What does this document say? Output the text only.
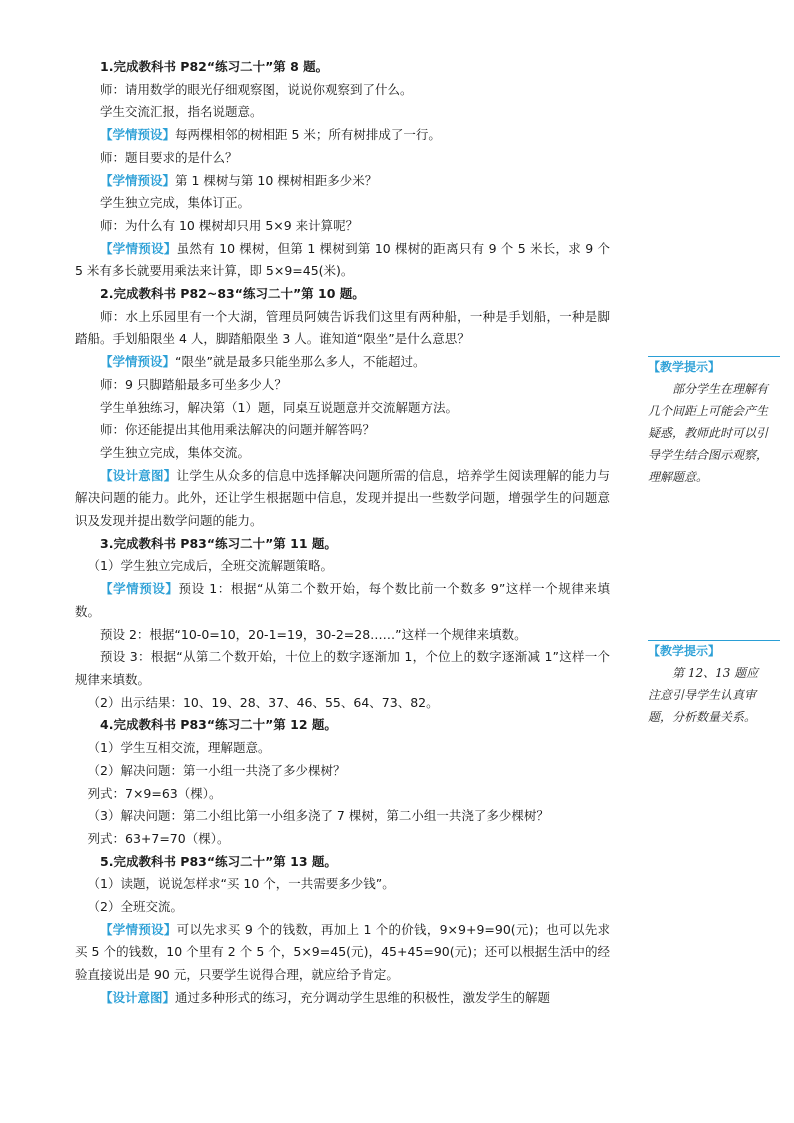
1.完成教科书 P82“练习二十”第 8 题。

师：请用数学的眼光仔细观察图，说说你观察到了什么。

学生交流汇报，指名说题意。

【学情预设】每两棵相邻的树相距 5 米；所有树排成了一行。

师：题目要求的是什么？

【学情预设】第 1 棵树与第 10 棵树相距多少米？

学生独立完成，集体订正。

师：为什么有 10 棵树却只用 5×9 来计算呢？

【学情预设】虽然有 10 棵树，但第 1 棵树到第 10 棵树的距离只有 9 个 5 米长，求 9 个 5 米有多长就要用乘法来计算，即 5×9=45(米)。

2.完成教科书 P82~83“练习二十”第 10 题。

师：水上乐园里有一个大湖，管理员阿姨告诉我们这里有两种船，一种是手划船，一种是脚踏船。手划船限坐 4 人，脚踏船限坐 3 人。谁知道“限坐”是什么意思？

【学情预设】“限坐”就是最多只能坐那么多人，不能超过。

师：9 只脚踏船最多可坐多少人？

学生单独练习，解决第（1）题，同桌互说题意并交流解题方法。

师：你还能提出其他用乘法解决的问题并解答吗？

学生独立完成，集体交流。

【设计意图】让学生从众多的信息中选择解决问题所需的信息，培养学生阅读理解的能力与解决问题的能力。此外，还让学生根据题中信息，发现并提出一些数学问题，增强学生的问题意识及发现并提出数学问题的能力。

3.完成教科书 P83“练习二十”第 11 题。

（1）学生独立完成后，全班交流解题策略。

【学情预设】预设 1：根据“从第二个数开始，每个数比前一个数多 9”这样一个规律来填数。

预设 2：根据“10-0=10，20-1=19，30-2=28……”这样一个规律来填数。

预设 3：根据“从第二个数开始，十位上的数字逐渐加 1，个位上的数字逐渐减 1”这样一个规律来填数。

（2）出示结果：10、19、28、37、46、55、64、73、82。

4.完成教科书 P83“练习二十”第 12 题。

（1）学生互相交流，理解题意。

（2）解决问题：第一小组一共浇了多少棵树？

列式：7×9=63（棵）。

（3）解决问题：第二小组比第一小组多浇了 7 棵树，第二小组一共浇了多少棵树？

列式：63+7=70（棵）。

5.完成教科书 P83“练习二十”第 13 题。

（1）读题，说说怎样求“买 10 个，一共需要多少钱”。

（2）全班交流。

【学情预设】可以先求买 9 个的钱数，再加上 1 个的价钱，9×9+9=90(元)；也可以先求买 5 个的钱数，10 个里有 2 个 5 个，5×9=45(元)，45+45=90(元)；还可以根据生活中的经验直接说出是 90 元，只要学生说得合理，就应给予肯定。

【设计意图】通过多种形式的练习，充分调动学生思维的积极性，激发学生的解题

【教学提示】

部分学生在理解有几个间距上可能会产生疑惑，教师此时可以引导学生结合图示观察，理解题意。

【教学提示】

第 12、13 题应注意引导学生认真审题，分析数量关系。
